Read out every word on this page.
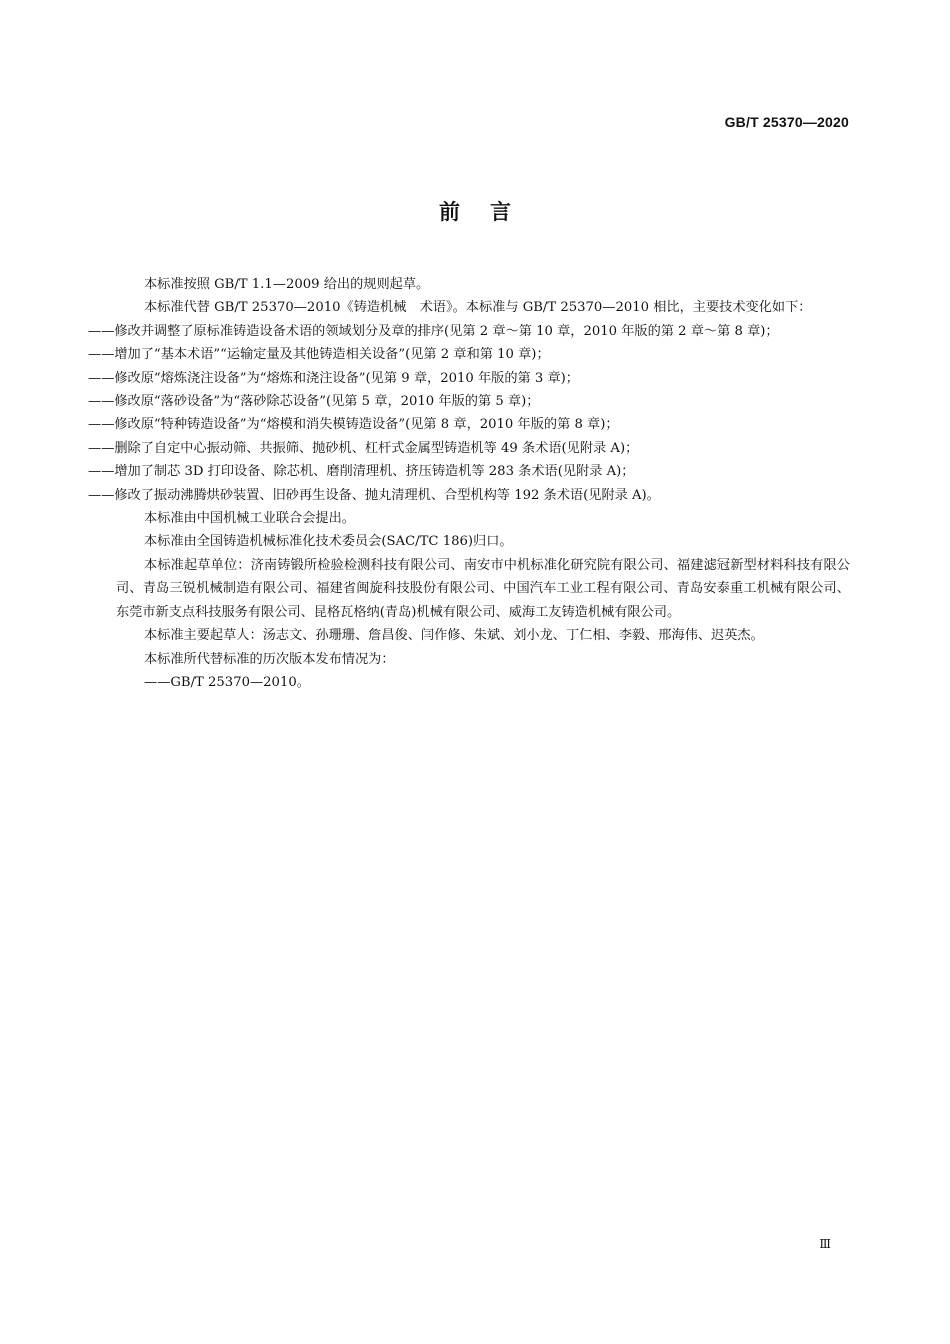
GB/T 25370—2020
前言

本标准按照 GB/T 1.1—2009 给出的规则起草。

本标准代替 GB/T 25370—2010《铸造机械　术语》。本标准与 GB/T 25370—2010 相比，主要技术变化如下：

——修改并调整了原标准铸造设备术语的领域划分及章的排序(见第 2 章～第 10 章，2010 年版的第 2 章～第 8 章)；

——增加了“基本术语”“运输定量及其他铸造相关设备”(见第 2 章和第 10 章)；

——修改原“熔炼浇注设备”为“熔炼和浇注设备”(见第 9 章，2010 年版的第 3 章)；

——修改原“落砂设备”为“落砂除芯设备”(见第 5 章，2010 年版的第 5 章)；

——修改原“特种铸造设备”为“熔模和消失模铸造设备”(见第 8 章，2010 年版的第 8 章)；

——删除了自定中心振动筛、共振筛、抛砂机、杠杆式金属型铸造机等 49 条术语(见附录 A)；

——增加了制芯 3D 打印设备、除芯机、磨削清理机、挤压铸造机等 283 条术语(见附录 A)；

——修改了振动沸腾烘砂装置、旧砂再生设备、抛丸清理机、合型机构等 192 条术语(见附录 A)。

本标准由中国机械工业联合会提出。

本标准由全国铸造机械标准化技术委员会(SAC/TC 186)归口。

本标准起草单位：济南铸锻所检验检测科技有限公司、南安市中机标准化研究院有限公司、福建滤冠新型材料科技有限公司、青岛三锐机械制造有限公司、福建省闽旋科技股份有限公司、中国汽车工业工程有限公司、青岛安泰重工机械有限公司、东莞市新支点科技服务有限公司、昆格瓦格纳(青岛)机械有限公司、威海工友铸造机械有限公司。

本标准主要起草人：汤志文、孙珊珊、詹昌俊、闫作修、朱斌、刘小龙、丁仁相、李毅、邢海伟、迟英杰。

本标准所代替标准的历次版本发布情况为：

——GB/T 25370—2010。

Ⅲ
